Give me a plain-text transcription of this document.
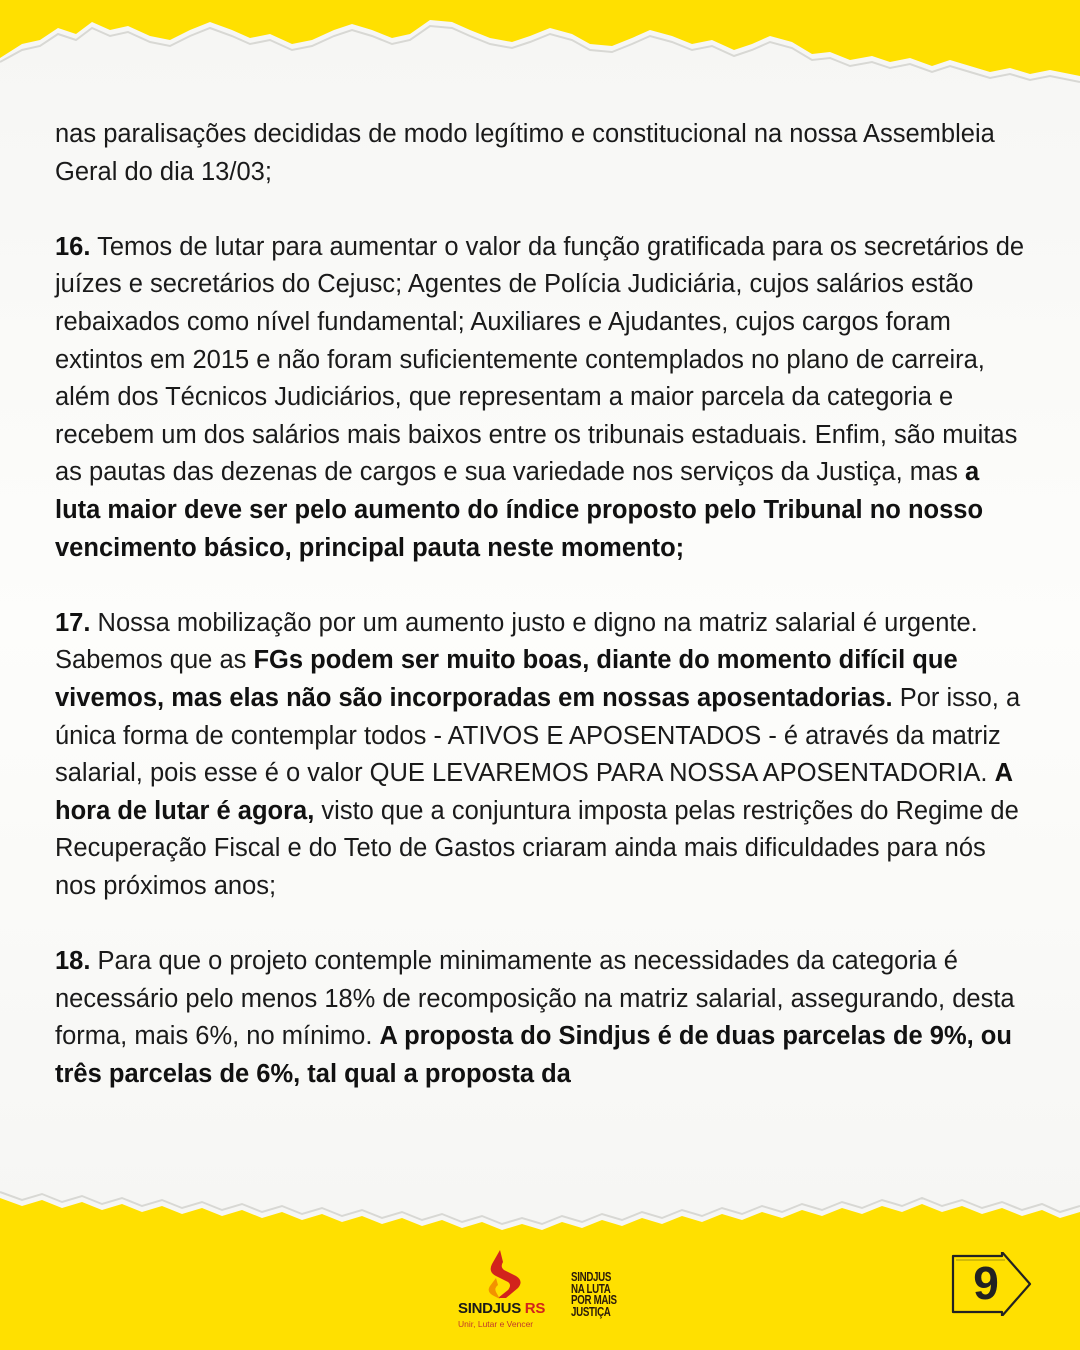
nas paralisações decididas de modo legítimo e constitucional na nossa Assembleia Geral do dia 13/03;

16. Temos de lutar para aumentar o valor da função gratificada para os secretários de juízes e secretários do Cejusc; Agentes de Polícia Judiciária, cujos salários estão rebaixados como nível fundamental; Auxiliares e Ajudantes, cujos cargos foram extintos em 2015 e não foram suficientemente contemplados no plano de carreira, além dos Técnicos Judiciários, que representam a maior parcela da categoria e recebem um dos salários mais baixos entre os tribunais estaduais. Enfim, são muitas as pautas das dezenas de cargos e sua variedade nos serviços da Justiça, mas a luta maior deve ser pelo aumento do índice proposto pelo Tribunal no nosso vencimento básico, principal pauta neste momento;

17. Nossa mobilização por um aumento justo e digno na matriz salarial é urgente. Sabemos que as FGs podem ser muito boas, diante do momento difícil que vivemos, mas elas não são incorporadas em nossas aposentadorias. Por isso, a única forma de contemplar todos - ATIVOS E APOSENTADOS - é através da matriz salarial, pois esse é o valor QUE LEVAREMOS PARA NOSSA APOSENTADORIA. A hora de lutar é agora, visto que a conjuntura imposta pelas restrições do Regime de Recuperação Fiscal e do Teto de Gastos criaram ainda mais dificuldades para nós nos próximos anos;

18. Para que o projeto contemple minimamente as necessidades da categoria é necessário pelo menos 18% de recomposição na matriz salarial, assegurando, desta forma, mais 6%, no mínimo. A proposta do Sindjus é de duas parcelas de 9%, ou três parcelas de 6%, tal qual a proposta da

SINDJUS RS
Unir, Lutar e Vencer
SINDJUS
NA LUTA
POR MAIS
JUSTIÇA
9
